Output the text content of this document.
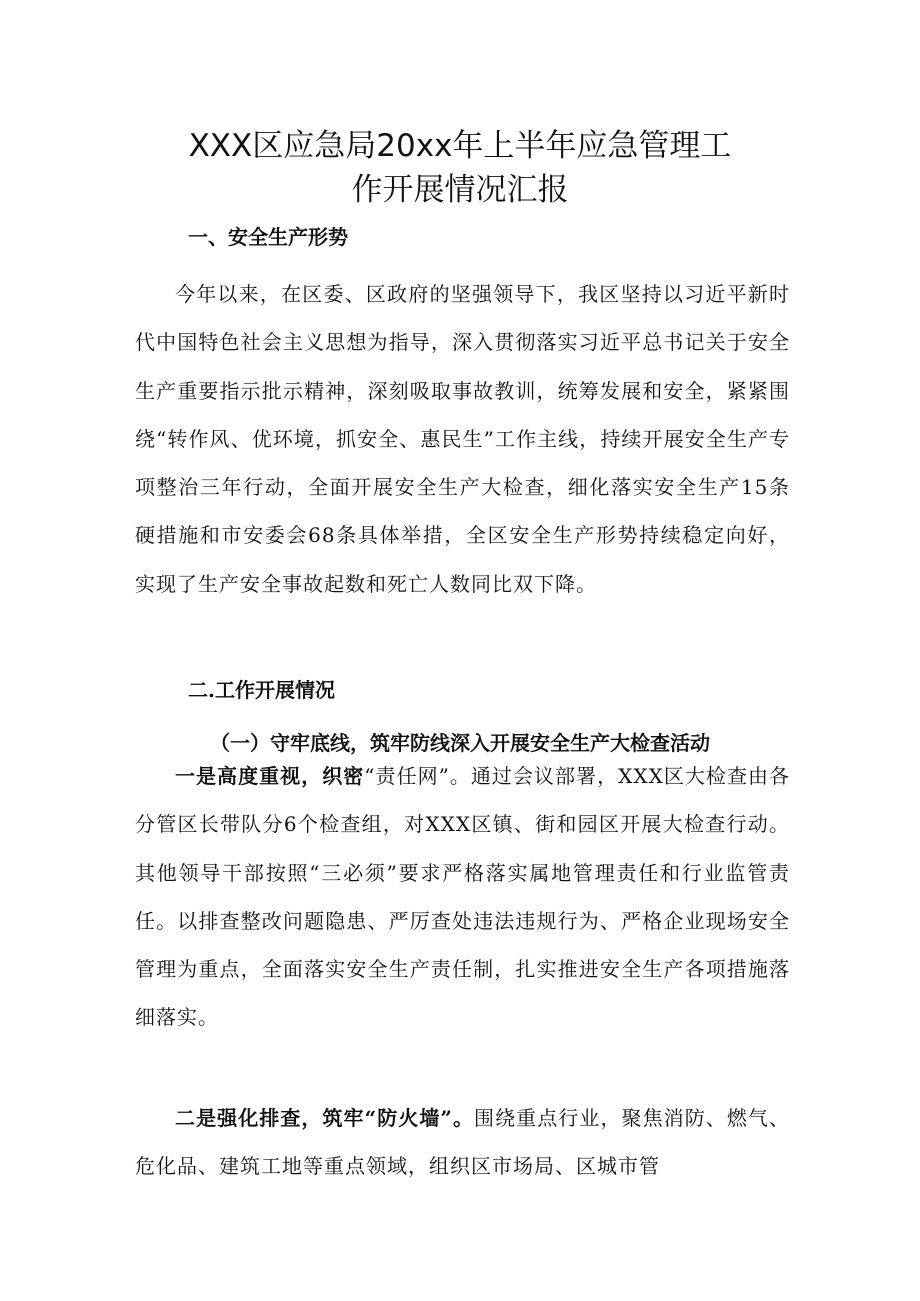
XXX区应急局20xx年上半年应急管理工
作开展情况汇报
一、安全生产形势

今年以来，在区委、区政府的坚强领导下，我区坚持以习近平新时代中国特色社会主义思想为指导，深入贯彻落实习近平总书记关于安全生产重要指示批示精神，深刻吸取事故教训，统筹发展和安全，紧紧围绕“转作风、优环境，抓安全、惠民生”工作主线，持续开展安全生产专项整治三年行动，全面开展安全生产大检查，细化落实安全生产15条硬措施和市安委会68条具体举措，全区安全生产形势持续稳定向好，实现了生产安全事故起数和死亡人数同比双下降。

二.工作开展情况
（一）守牢底线，筑牢防线深入开展安全生产大检查活动

一是高度重视，织密“责任网”。通过会议部署，XXX区大检查由各分管区长带队分6个检查组，对XXX区镇、街和园区开展大检查行动。其他领导干部按照“三必须”要求严格落实属地管理责任和行业监管责任。以排查整改问题隐患、严厉查处违法违规行为、严格企业现场安全管理为重点，全面落实安全生产责任制，扎实推进安全生产各项措施落细落实。

二是强化排查，筑牢“防火墙”。围绕重点行业，聚焦消防、燃气、危化品、建筑工地等重点领域，组织区市场局、区城市管
